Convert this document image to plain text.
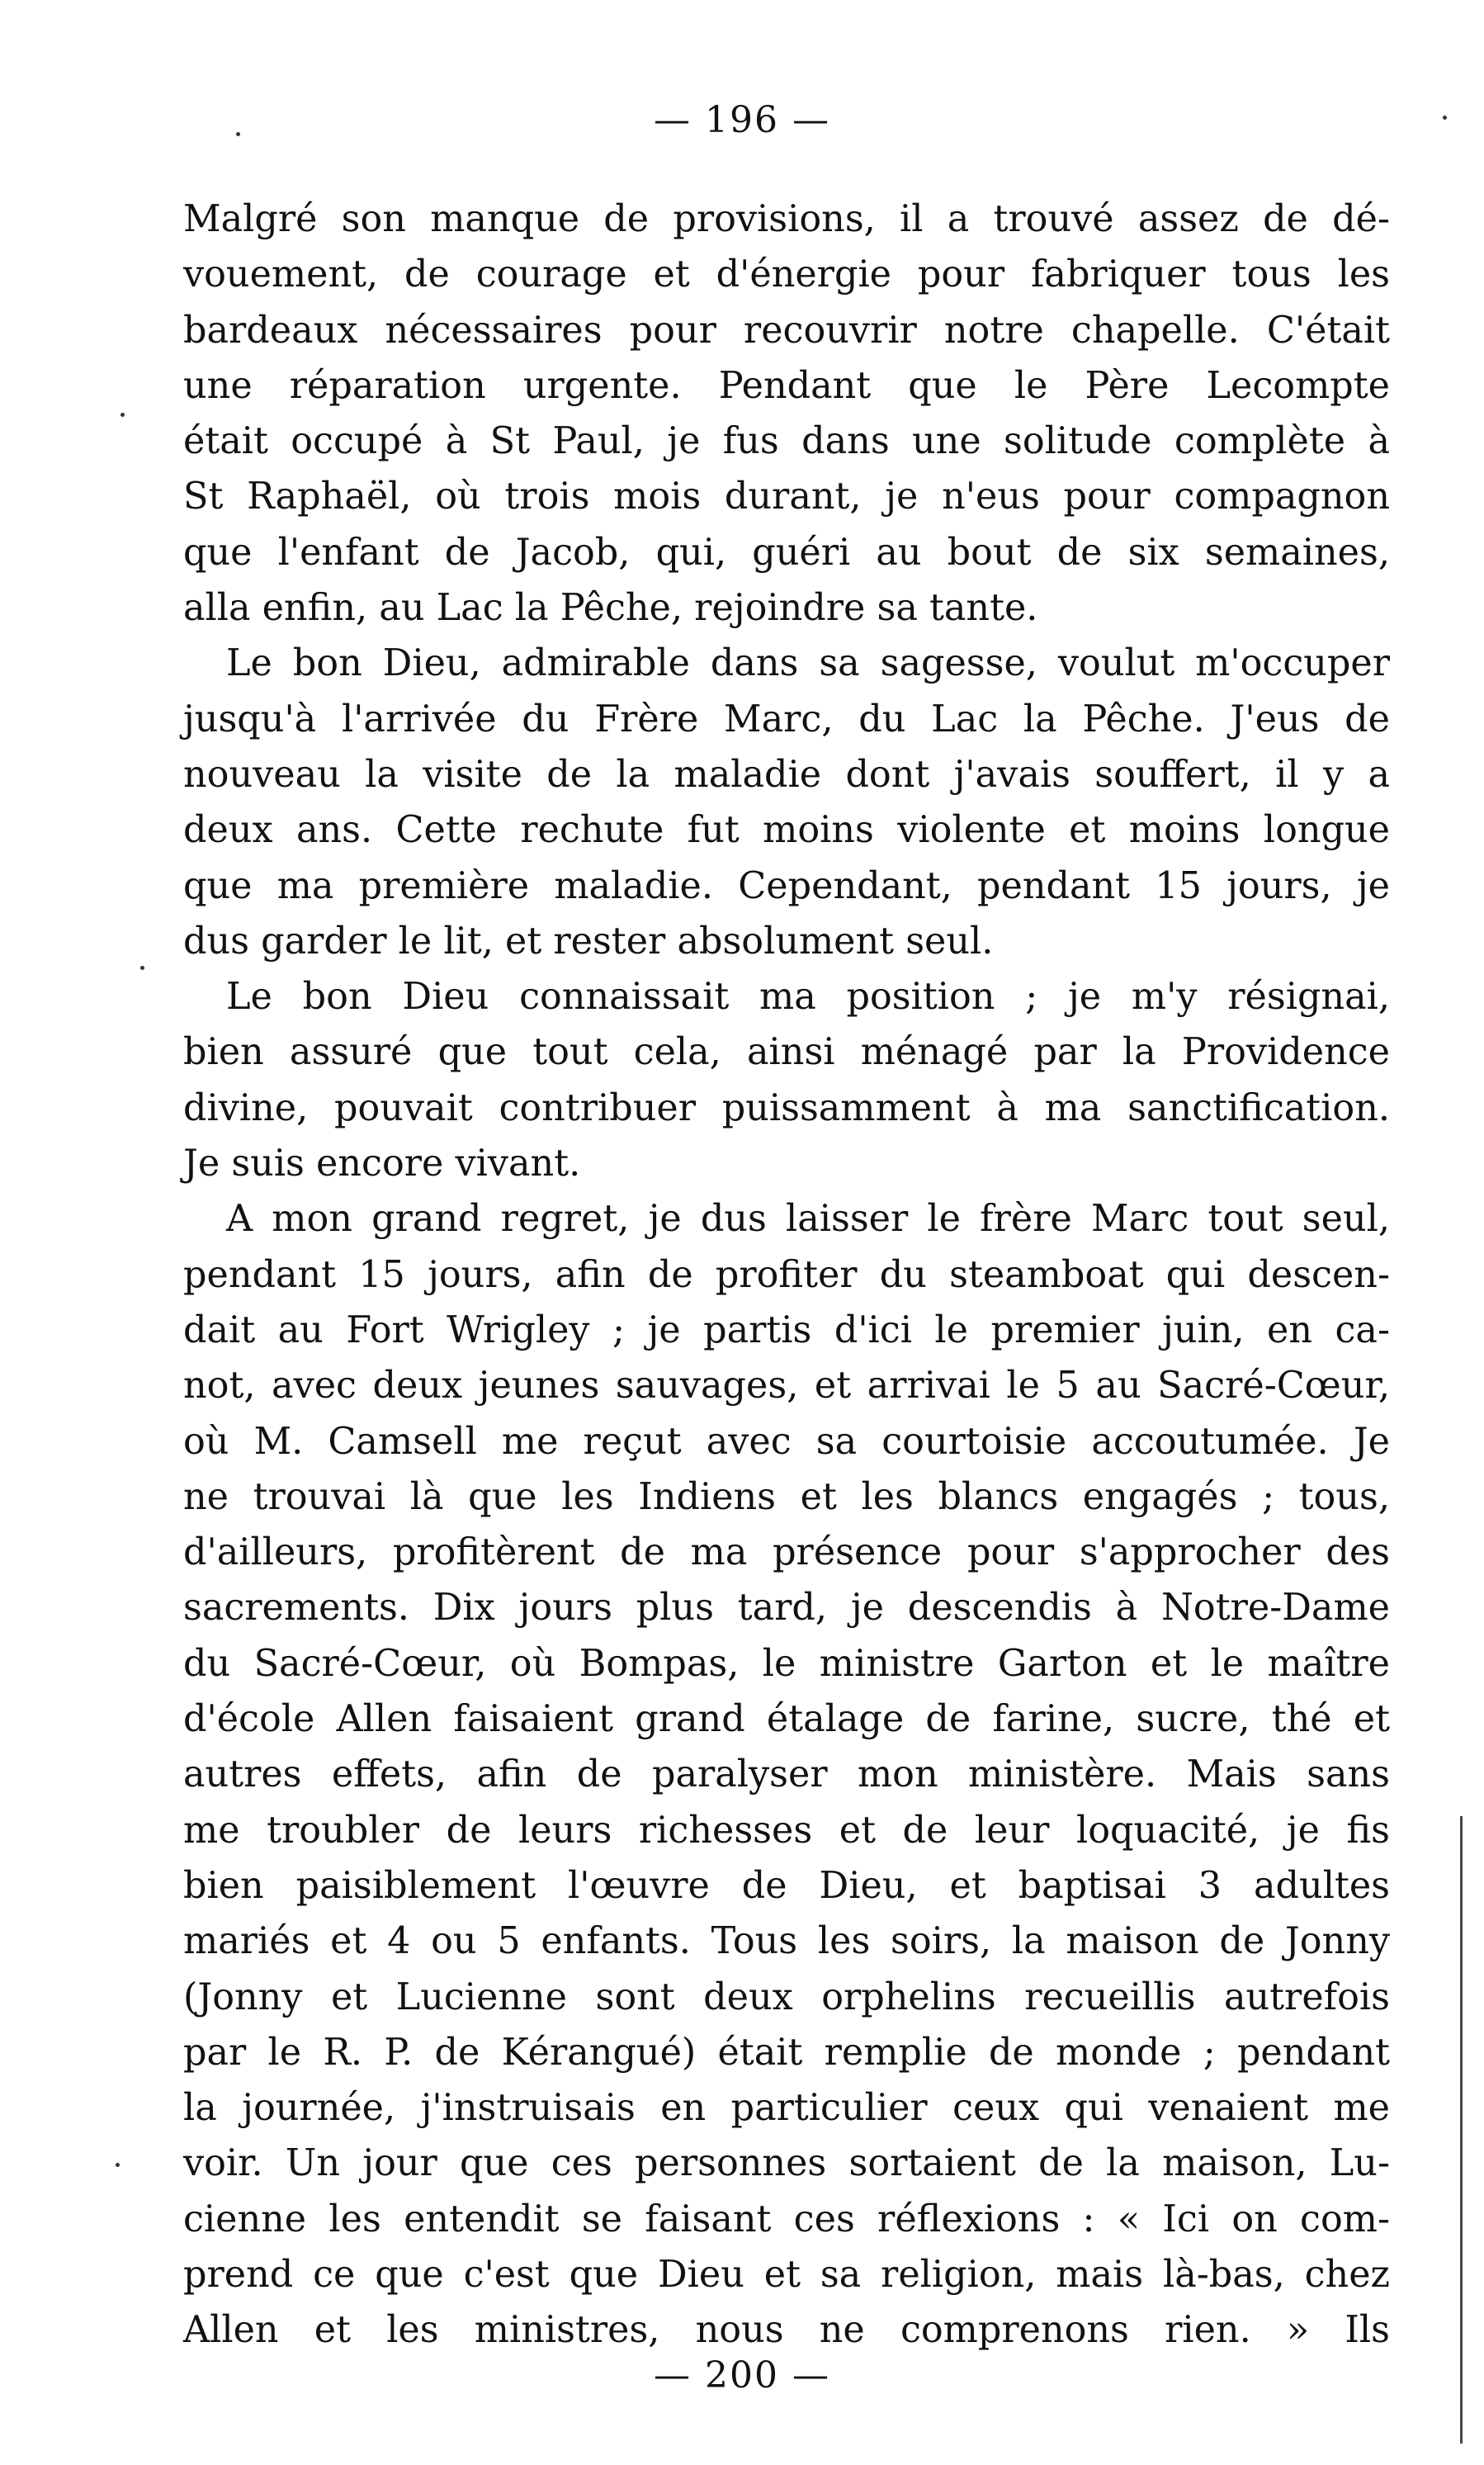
— 196 —

Malgré son manque de provisions, il a trouvé assez de dé-
vouement, de courage et d'énergie pour fabriquer tous les
bardeaux nécessaires pour recouvrir notre chapelle. C'était
une réparation urgente. Pendant que le Père Lecompte
était occupé à St Paul, je fus dans une solitude complète à
St Raphaël, où trois mois durant, je n'eus pour compagnon
que l'enfant de Jacob, qui, guéri au bout de six semaines,
alla enfin, au Lac la Pêche, rejoindre sa tante.

Le bon Dieu, admirable dans sa sagesse, voulut m'occuper
jusqu'à l'arrivée du Frère Marc, du Lac la Pêche. J'eus de
nouveau la visite de la maladie dont j'avais souffert, il y a
deux ans. Cette rechute fut moins violente et moins longue
que ma première maladie. Cependant, pendant 15 jours, je
dus garder le lit, et rester absolument seul.

Le bon Dieu connaissait ma position ; je m'y résignai,
bien assuré que tout cela, ainsi ménagé par la Providence
divine, pouvait contribuer puissamment à ma sanctification.
Je suis encore vivant.

A mon grand regret, je dus laisser le frère Marc tout seul,
pendant 15 jours, afin de profiter du steamboat qui descen-
dait au Fort Wrigley ; je partis d'ici le premier juin, en ca-
not, avec deux jeunes sauvages, et arrivai le 5 au Sacré-Cœur,
où M. Camsell me reçut avec sa courtoisie accoutumée. Je
ne trouvai là que les Indiens et les blancs engagés ; tous,
d'ailleurs, profitèrent de ma présence pour s'approcher des
sacrements. Dix jours plus tard, je descendis à Notre-Dame
du Sacré-Cœur, où Bompas, le ministre Garton et le maître
d'école Allen faisaient grand étalage de farine, sucre, thé et
autres effets, afin de paralyser mon ministère. Mais sans
me troubler de leurs richesses et de leur loquacité, je fis
bien paisiblement l'œuvre de Dieu, et baptisai 3 adultes
mariés et 4 ou 5 enfants. Tous les soirs, la maison de Jonny
(Jonny et Lucienne sont deux orphelins recueillis autrefois
par le R. P. de Kérangué) était remplie de monde ; pendant
la journée, j'instruisais en particulier ceux qui venaient me
voir. Un jour que ces personnes sortaient de la maison, Lu-
cienne les entendit se faisant ces réflexions : « Ici on com-
prend ce que c'est que Dieu et sa religion, mais là-bas, chez
Allen et les ministres, nous ne comprenons rien. » Ils

— 200 —
